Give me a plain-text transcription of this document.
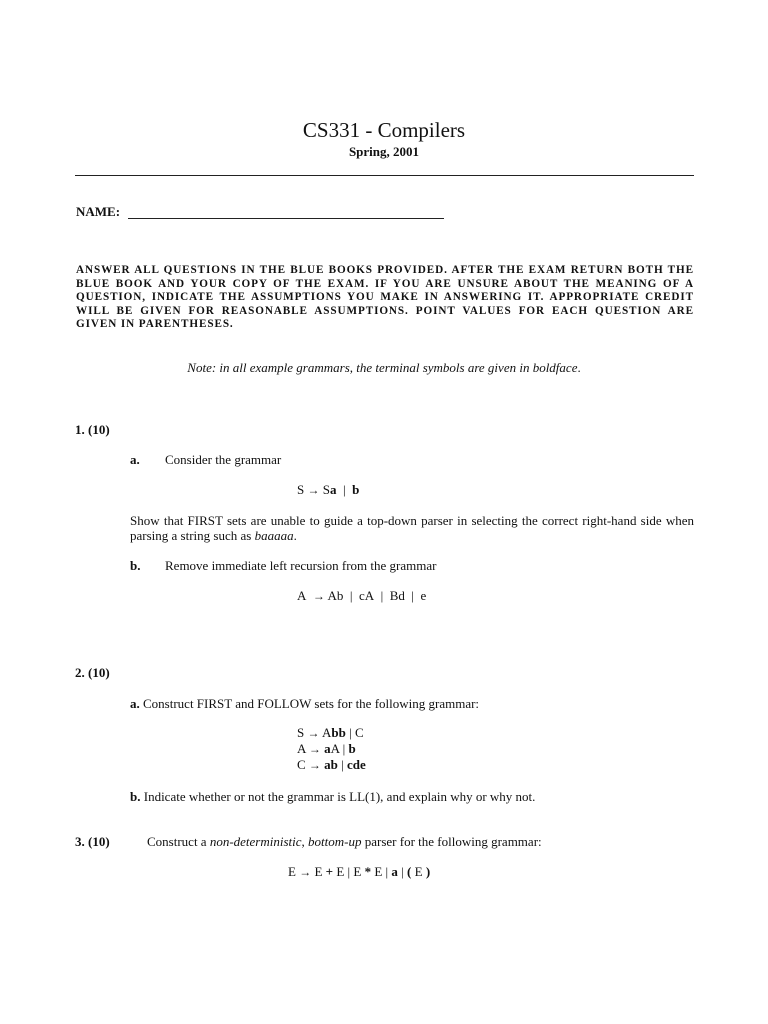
CS331 - Compilers
Spring, 2001
NAME:
ANSWER ALL QUESTIONS IN THE BLUE BOOKS PROVIDED. AFTER THE EXAM RETURN BOTH THE BLUE BOOK AND YOUR COPY OF THE EXAM. IF YOU ARE UNSURE ABOUT THE MEANING OF A QUESTION, INDICATE THE ASSUMPTIONS YOU MAKE IN ANSWERING IT. APPROPRIATE CREDIT WILL BE GIVEN FOR REASONABLE ASSUMPTIONS. POINT VALUES FOR EACH QUESTION ARE GIVEN IN PARENTHESES.
Note: in all example grammars, the terminal symbols are given in boldface.
1. (10)
a. Consider the grammar
S → Sa | b
Show that FIRST sets are unable to guide a top-down parser in selecting the correct right-hand side when parsing a string such as baaaaa.
b. Remove immediate left recursion from the grammar
A → Ab | cA | Bd | e
2. (10)
a. Construct FIRST and FOLLOW sets for the following grammar:
S → Abb | C
A → aA | b
C → ab | cde
b. Indicate whether or not the grammar is LL(1), and explain why or why not.
3. (10)	Construct a non-deterministic, bottom-up parser for the following grammar:
E → E + E | E * E | a | ( E )
